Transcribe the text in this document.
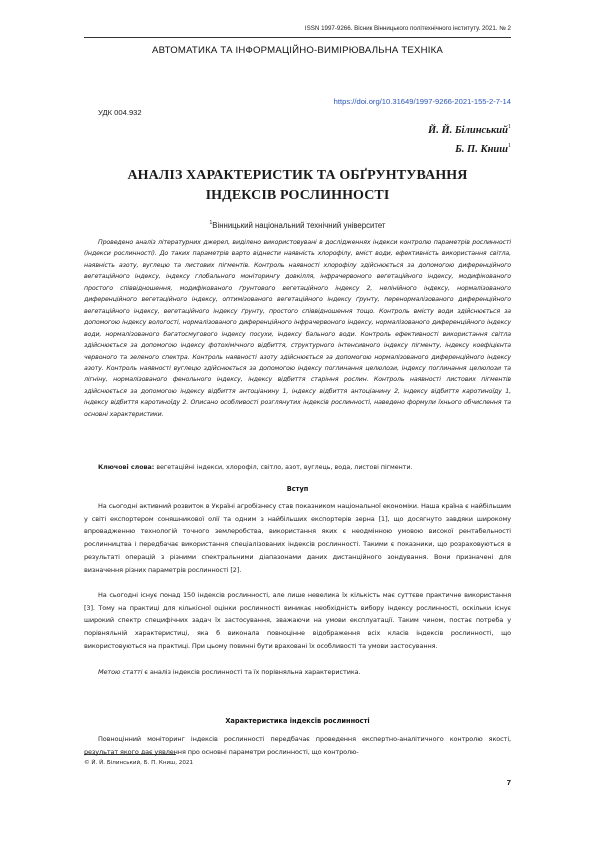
ISSN 1997-9266. Вісник Вінницького політехнічного інституту. 2021. № 2
АВТОМАТИКА ТА ІНФОРМАЦІЙНО-ВИМІРЮВАЛЬНА ТЕХНІКА
https://doi.org/10.31649/1997-9266-2021-155-2-7-14
УДК 004.932
Й. Й. Білинський$^1$
Б. П. Книш$^1$
АНАЛІЗ ХАРАКТЕРИСТИК ТА ОБҐРУНТУВАННЯ
ІНДЕКСІВ РОСЛИННОСТІ
$^1$Вінницький національний технічний університет
Проведено аналіз літературних джерел, виділено використовувані в дослідженнях індекси контролю параметрів рослинності (індекси рослинності). До таких параметрів варто віднести наявність хлорофілу, вміст води, ефективність використання світла, наявність азоту, вуглецю та листових пігментів. Контроль наявності хлорофілу здійснюється за допомогою диференційного вегетаційного індексу, індексу глобального моніторингу довкілля, інфрачервоного вегетаційного індексу, модифікованого простого співвідношення, модифікованого ґрунтового вегетаційного індексу 2, нелінійного індексу, нормалізованого диференційного вегетаційного індексу, оптимізованого вегетаційного індексу ґрунту, перенормалізованого диференційного вегетаційного індексу, вегетаційного індексу ґрунту, простого співвідношення тощо. Контроль вмісту води здійснюється за допомогою індексу вологості, нормалізованого диференційного інфрачервоного індексу, нормалізованого диференційного індексу води, нормалізованого багатосмугового індексу посухи, індексу бального води. Контроль ефективності використання світла здійснюється за допомогою індексу фотохімічного відбиття, структурного інтенсивного індексу пігменту, індексу коефіцієнта червоного та зеленого спектра. Контроль наявності азоту здійснюється за допомогою нормалізованого диференційного індексу азоту. Контроль наявності вуглецю здійснюється за допомогою індексу поглинання целюлози, індексу поглинання целюлози та лігніну, нормалізованого фенольного індексу, індексу відбиття старіння рослин. Контроль наявності листових пігментів здійснюється за допомогою індексу відбиття антоціанину 1, індексу відбиття антоціанину 2, індексу відбиття каротиноїду 1, індексу відбиття каротиноїду 2. Описано особливості розглянутих індексів рослинності, наведено формули їхнього обчислення та основні характеристики.
Ключові слова: вегетаційні індекси, хлорофіл, світло, азот, вуглець, вода, листові пігменти.
Вступ
На сьогодні активний розвиток в Україні агробізнесу став показником національної економіки. Наша країна є найбільшим у світі експортером соняшникової олії та одним з найбільших експортерів зерна [1], що досягнуто завдяки широкому впровадженню технологій точного землеробства, використання яких є неодмінною умовою високої рентабельності рослинництва і передбачає використання спеціалізованих індексів рослинності. Такими є показники, що розраховуються в результаті операцій з різними спектральними діапазонами даних дистанційного зондування. Вони призначені для визначення різних параметрів рослинності [2].
На сьогодні існує понад 150 індексів рослинності, але лише невелика їх кількість має суттєве практичне використання [3]. Тому на практиці для кількісної оцінки рослинності виникає необхідність вибору індексу рослинності, оскільки існує широкий спектр специфічних задач їх застосування, зважаючи на умови експлуатації. Таким чином, постає потреба у порівняльній характеристиці, яка б виконала повноцінне відображення всіх класів індексів рослинності, що використовуються на практиці. При цьому повинні бути враховані їх особливості та умови застосування.
Метою статті є аналіз індексів рослинності та їх порівняльна характеристика.
Характеристика індексів рослинності
Повноцінний моніторинг індексів рослинності передбачає проведення експертно-аналітичного контролю якості, результат якого дає уявлення про основні параметри рослинності, що контролю-
© Й. Й. Білинський, Б. П. Книш, 2021
7
